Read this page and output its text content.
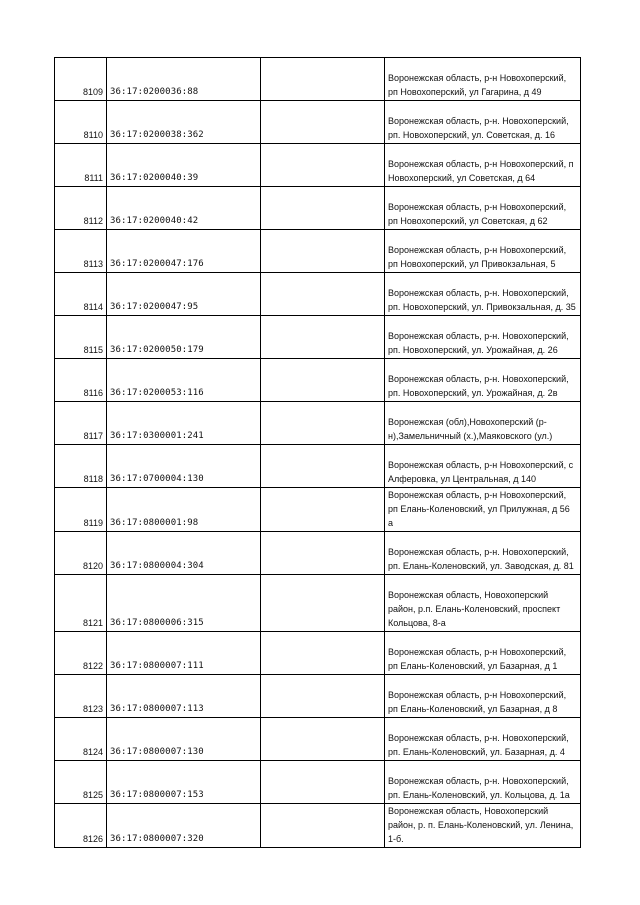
8109	36:17:0200036:88		Воронежская область, р-н Новохоперский, рп Новохоперский, ул Гагарина, д 49
8110	36:17:0200038:362		Воронежская область, р-н. Новохоперский, рп. Новохоперский, ул. Советская, д. 16
8111	36:17:0200040:39		Воронежская область, р-н Новохоперский, п Новохоперский, ул Советская, д 64
8112	36:17:0200040:42		Воронежская область, р-н Новохоперский, рп Новохоперский, ул Советская, д 62
8113	36:17:0200047:176		Воронежская область, р-н Новохоперский, рп Новохоперский, ул Привокзальная, 5
8114	36:17:0200047:95		Воронежская область, р-н. Новохоперский, рп. Новохоперский, ул. Привокзальная, д. 35
8115	36:17:0200050:179		Воронежская область, р-н. Новохоперский, рп. Новохоперский, ул. Урожайная, д. 26
8116	36:17:0200053:116		Воронежская область, р-н. Новохоперский, рп. Новохоперский, ул. Урожайная, д. 2в
8117	36:17:0300001:241		Воронежская (обл),Новохоперский (р-н),Замельничный (х.),Маяковского (ул.)
8118	36:17:0700004:130		Воронежская область, р-н Новохоперский, с Алферовка, ул Центральная, д 140
8119	36:17:0800001:98		Воронежская область, р-н Новохоперский, рп Елань-Коленовский, ул Прилужная, д 56 а
8120	36:17:0800004:304		Воронежская область, р-н. Новохоперский, рп. Елань-Коленовский, ул. Заводская, д. 81
8121	36:17:0800006:315		Воронежская область, Новохоперский район, р.п. Елань-Коленовский, проспект Кольцова, 8-а
8122	36:17:0800007:111		Воронежская область, р-н Новохоперский, рп Елань-Коленовский, ул Базарная, д 1
8123	36:17:0800007:113		Воронежская область, р-н Новохоперский, рп Елань-Коленовский, ул Базарная, д 8
8124	36:17:0800007:130		Воронежская область, р-н. Новохоперский, рп. Елань-Коленовский, ул. Базарная, д. 4
8125	36:17:0800007:153		Воронежская область, р-н. Новохоперский, рп. Елань-Коленовский, ул. Кольцова, д. 1а
8126	36:17:0800007:320		Воронежская область, Новохоперский район, р. п. Елань-Коленовский, ул. Ленина, 1-б.
